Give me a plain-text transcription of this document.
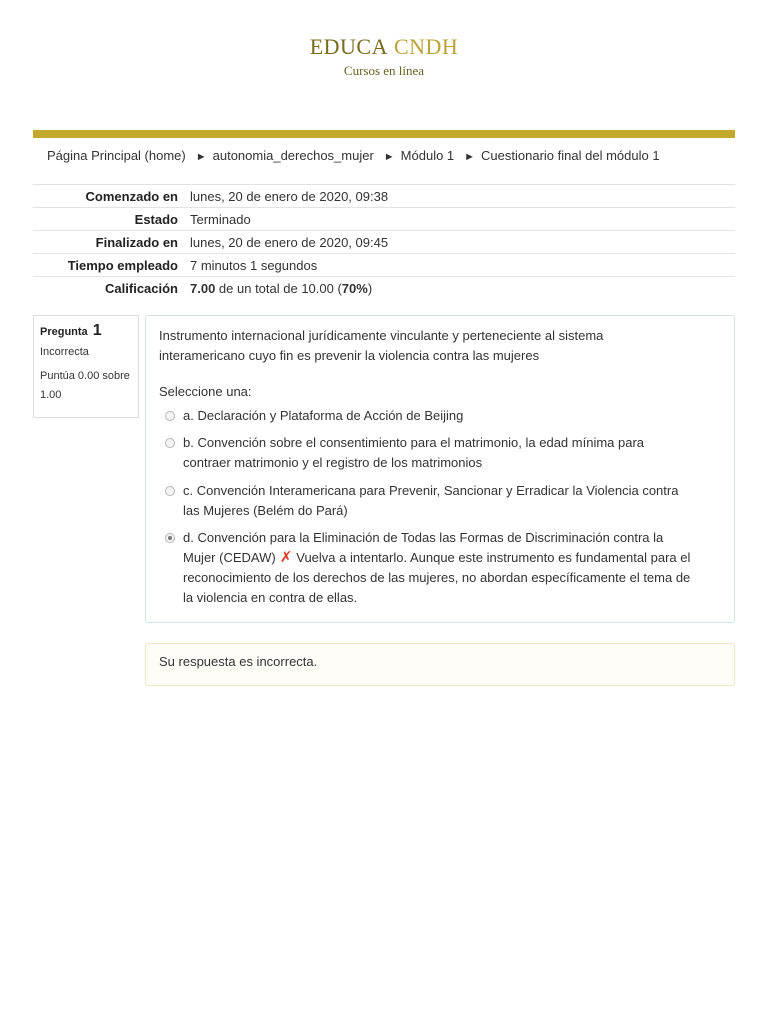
EDUCA CNDH
Cursos en línea
Página Principal (home) ► autonomia_derechos_mujer ► Módulo 1 ► Cuestionario final del módulo 1
Comenzado en	lunes, 20 de enero de 2020, 09:38
Estado	Terminado
Finalizado en	lunes, 20 de enero de 2020, 09:45
Tiempo empleado	7 minutos 1 segundos
Calificación	7.00 de un total de 10.00 (70%)
Pregunta 1
Incorrecta
Puntúa 0.00 sobre 1.00
Instrumento internacional jurídicamente vinculante y perteneciente al sistema interamericano cuyo fin es prevenir la violencia contra las mujeres
Seleccione una:
a. Declaración y Plataforma de Acción de Beijing
b. Convención sobre el consentimiento para el matrimonio, la edad mínima para contraer matrimonio y el registro de los matrimonios
c. Convención Interamericana para Prevenir, Sancionar y Erradicar la Violencia contra las Mujeres (Belém do Pará)
d. Convención para la Eliminación de Todas las Formas de Discriminación contra la Mujer (CEDAW) ✗ Vuelva a intentarlo. Aunque este instrumento es fundamental para el reconocimiento de los derechos de las mujeres, no abordan específicamente el tema de la violencia en contra de ellas.
Su respuesta es incorrecta.
